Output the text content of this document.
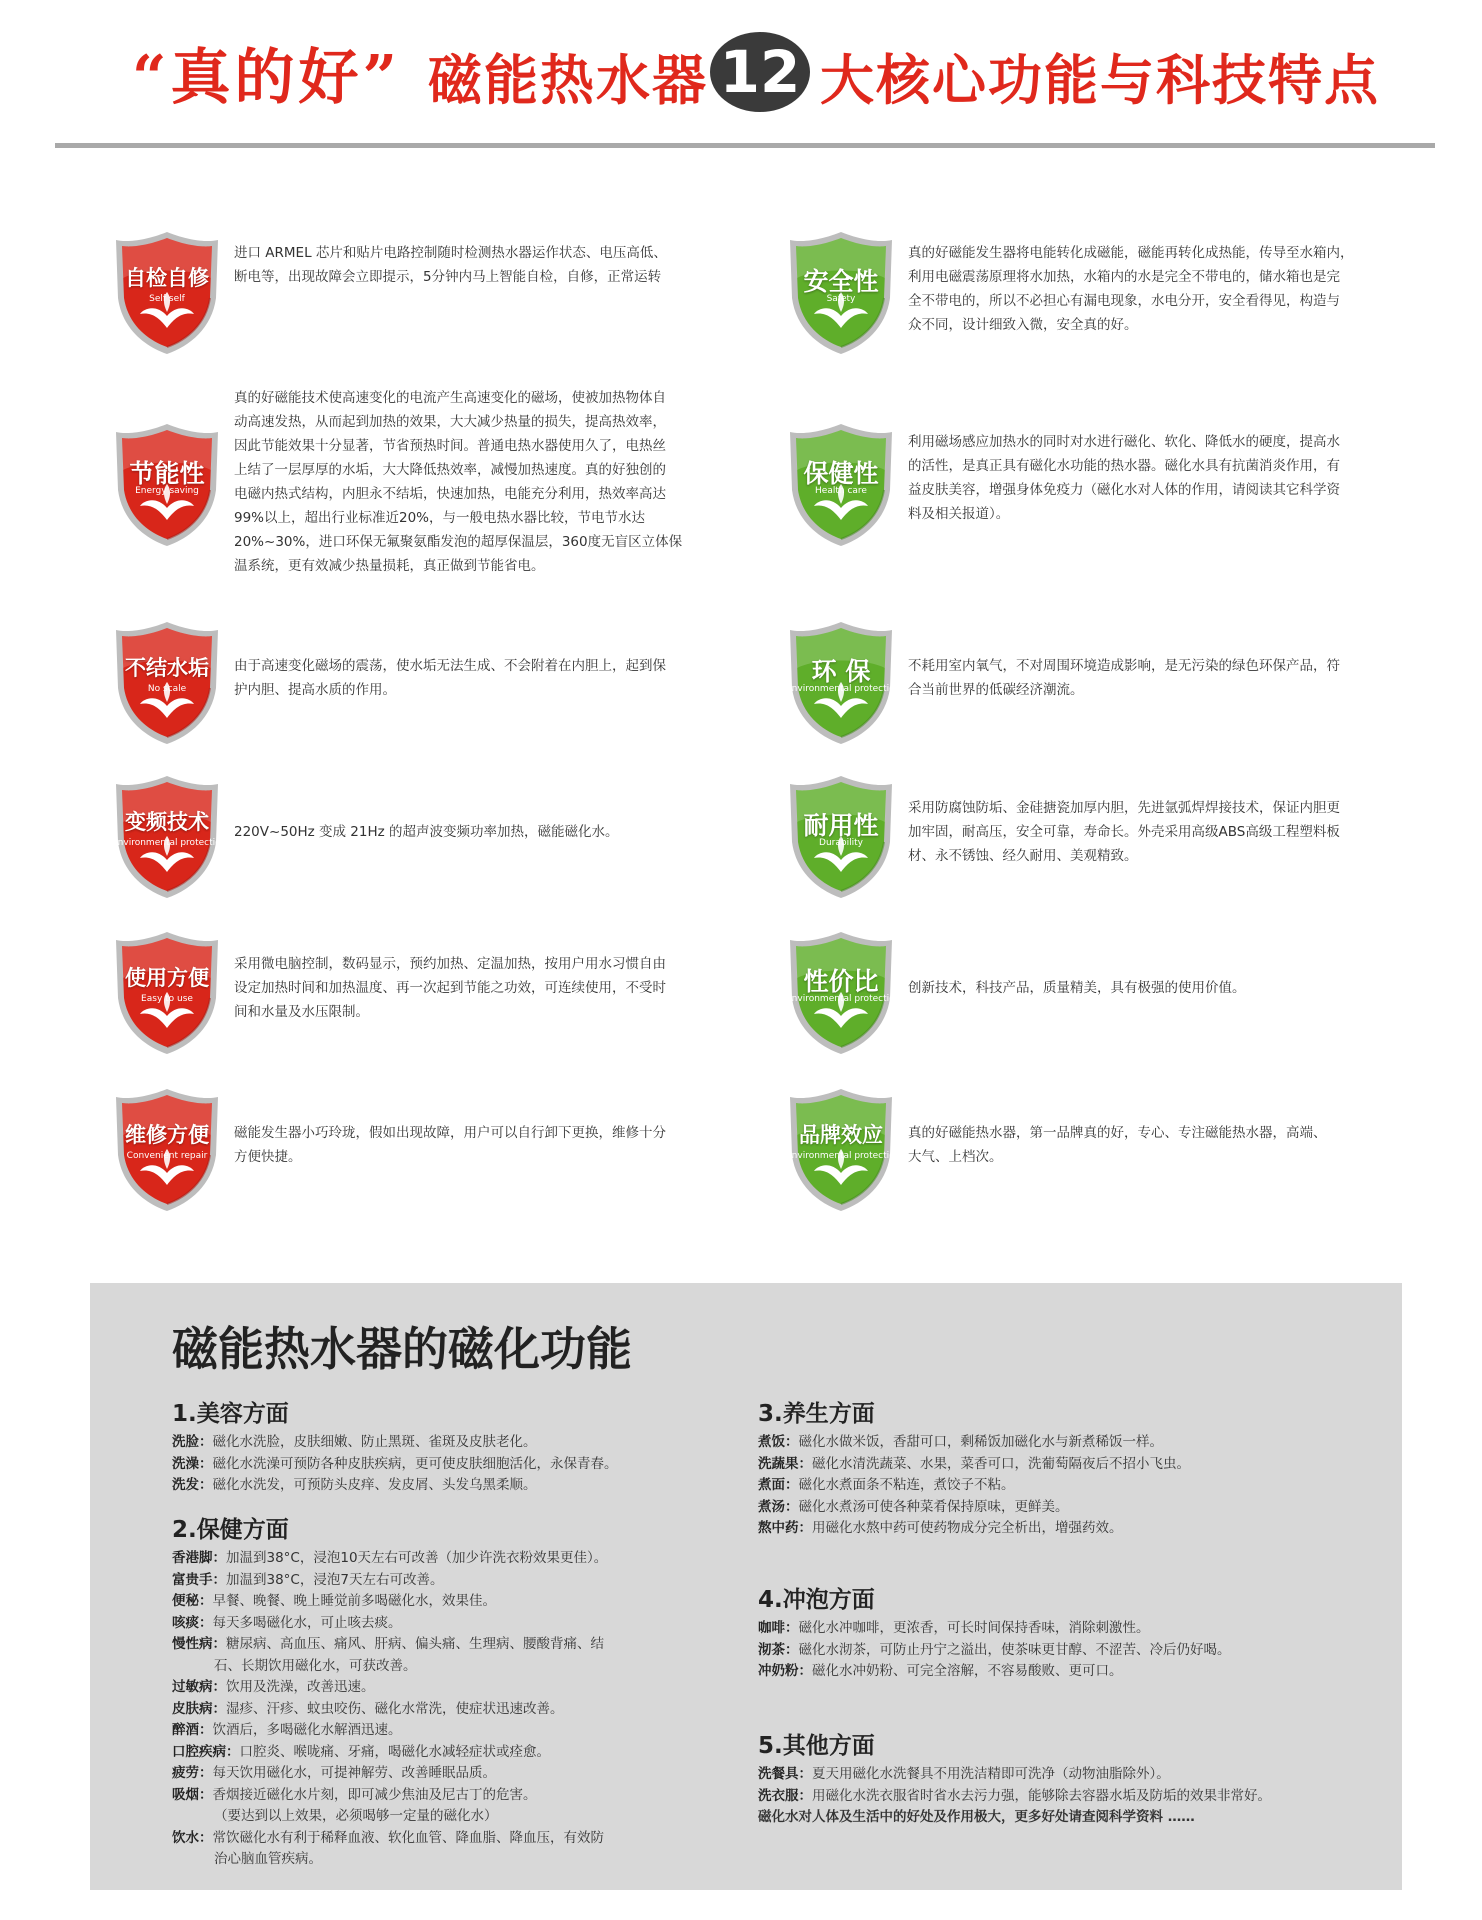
“真的好” 磁能热水器 12 大核心功能与科技特点
自检自修
Self self
进口 ARMEL 芯片和贴片电路控制随时检测热水器运作状态、电压高低、
断电等，出现故障会立即提示，5分钟内马上智能自检，自修，正常运转	安全性
Safety
真的好磁能发生器将电能转化成磁能，磁能再转化成热能，传导至水箱内，
利用电磁震荡原理将水加热，水箱内的水是完全不带电的，储水箱也是完
全不带电的，所以不必担心有漏电现象，水电分开，安全看得见，构造与
众不同，设计细致入微，安全真的好。
节能性
Energy saving
真的好磁能技术使高速变化的电流产生高速变化的磁场，使被加热物体自
动高速发热，从而起到加热的效果，大大减少热量的损失，提高热效率，
因此节能效果十分显著，节省预热时间。普通电热水器使用久了，电热丝
上结了一层厚厚的水垢，大大降低热效率，减慢加热速度。真的好独创的
电磁内热式结构，内胆永不结垢，快速加热，电能充分利用，热效率高达
99%以上，超出行业标准近20%，与一般电热水器比较，节电节水达
20%~30%，进口环保无氟聚氨酯发泡的超厚保温层，360度无盲区立体保
温系统，更有效减少热量损耗，真正做到节能省电。
保健性
Health care
利用磁场感应加热水的同时对水进行磁化、软化、降低水的硬度，提高水
的活性，是真正具有磁化水功能的热水器。磁化水具有抗菌消炎作用，有
益皮肤美容，增强身体免疫力（磁化水对人体的作用，请阅读其它科学资
料及相关报道）。
不结水垢
No scale
由于高速变化磁场的震荡，使水垢无法生成、不会附着在内胆上，起到保
护内胆、提高水质的作用。
环 保
Environmental protection
不耗用室内氧气，不对周围环境造成影响，是无污染的绿色环保产品，符
合当前世界的低碳经济潮流。
变频技术
Environmental protection
220V~50Hz 变成 21Hz 的超声波变频功率加热，磁能磁化水。	耐用性
Durability
采用防腐蚀防垢、金硅搪瓷加厚内胆，先进氩弧焊焊接技术，保证内胆更
加牢固，耐高压，安全可靠，寿命长。外壳采用高级ABS高级工程塑料板
材、永不锈蚀、经久耐用、美观精致。
使用方便
Easy to use
采用微电脑控制，数码显示，预约加热、定温加热，按用户用水习惯自由
设定加热时间和加热温度、再一次起到节能之功效，可连续使用，不受时
间和水量及水压限制。
性价比
Environmental protection
创新技术，科技产品，质量精美，具有极强的使用价值。
维修方便
Convenient repair
磁能发生器小巧玲珑，假如出现故障，用户可以自行卸下更换，维修十分
方便快捷。
品牌效应
Environmental protection
真的好磁能热水器，第一品牌真的好，专心、专注磁能热水器，高端、
大气、上档次。
磁能热水器的磁化功能
1.美容方面
洗脸：磁化水洗脸，皮肤细嫩、防止黑斑、雀斑及皮肤老化。
洗澡：磁化水洗澡可预防各种皮肤疾病，更可使皮肤细胞活化，永保青春。
洗发：磁化水洗发，可预防头皮痒、发皮屑、头发乌黑柔顺。
2.保健方面
香港脚：加温到38°C，浸泡10天左右可改善（加少许洗衣粉效果更佳）。
富贵手：加温到38°C，浸泡7天左右可改善。
便秘：早餐、晚餐、晚上睡觉前多喝磁化水，效果佳。
咳痰：每天多喝磁化水，可止咳去痰。
慢性病：糖尿病、高血压、痛风、肝病、偏头痛、生理病、腰酸背痛、结
石、长期饮用磁化水，可获改善。
过敏病：饮用及洗澡，改善迅速。
皮肤病：湿疹、汗疹、蚊虫咬伤、磁化水常洗，使症状迅速改善。
醉酒：饮酒后，多喝磁化水解酒迅速。
口腔疾病：口腔炎、喉咙痛、牙痛，喝磁化水减轻症状或痊愈。
疲劳：每天饮用磁化水，可提神解劳、改善睡眠品质。
吸烟：香烟接近磁化水片刻，即可减少焦油及尼古丁的危害。
（要达到以上效果，必须喝够一定量的磁化水）
饮水：常饮磁化水有利于稀释血液、软化血管、降血脂、降血压，有效防
治心脑血管疾病。
3.养生方面
煮饭：磁化水做米饭，香甜可口，剩稀饭加磁化水与新煮稀饭一样。
洗蔬果：磁化水清洗蔬菜、水果，菜香可口，洗葡萄隔夜后不招小飞虫。
煮面：磁化水煮面条不粘连，煮饺子不粘。
煮汤：磁化水煮汤可使各种菜肴保持原味，更鲜美。
熬中药：用磁化水熬中药可使药物成分完全析出，增强药效。
4.冲泡方面
咖啡：磁化水冲咖啡，更浓香，可长时间保持香味，消除刺激性。
沏茶：磁化水沏茶，可防止丹宁之溢出，使茶味更甘醇、不涩苦、冷后仍好喝。
冲奶粉：磁化水冲奶粉、可完全溶解，不容易酸败、更可口。
5.其他方面
洗餐具：夏天用磁化水洗餐具不用洗洁精即可洗净（动物油脂除外）。
洗衣服：用磁化水洗衣服省时省水去污力强，能够除去容器水垢及防垢的效果非常好。
磁化水对人体及生活中的好处及作用极大，更多好处请查阅科学资料 ……
